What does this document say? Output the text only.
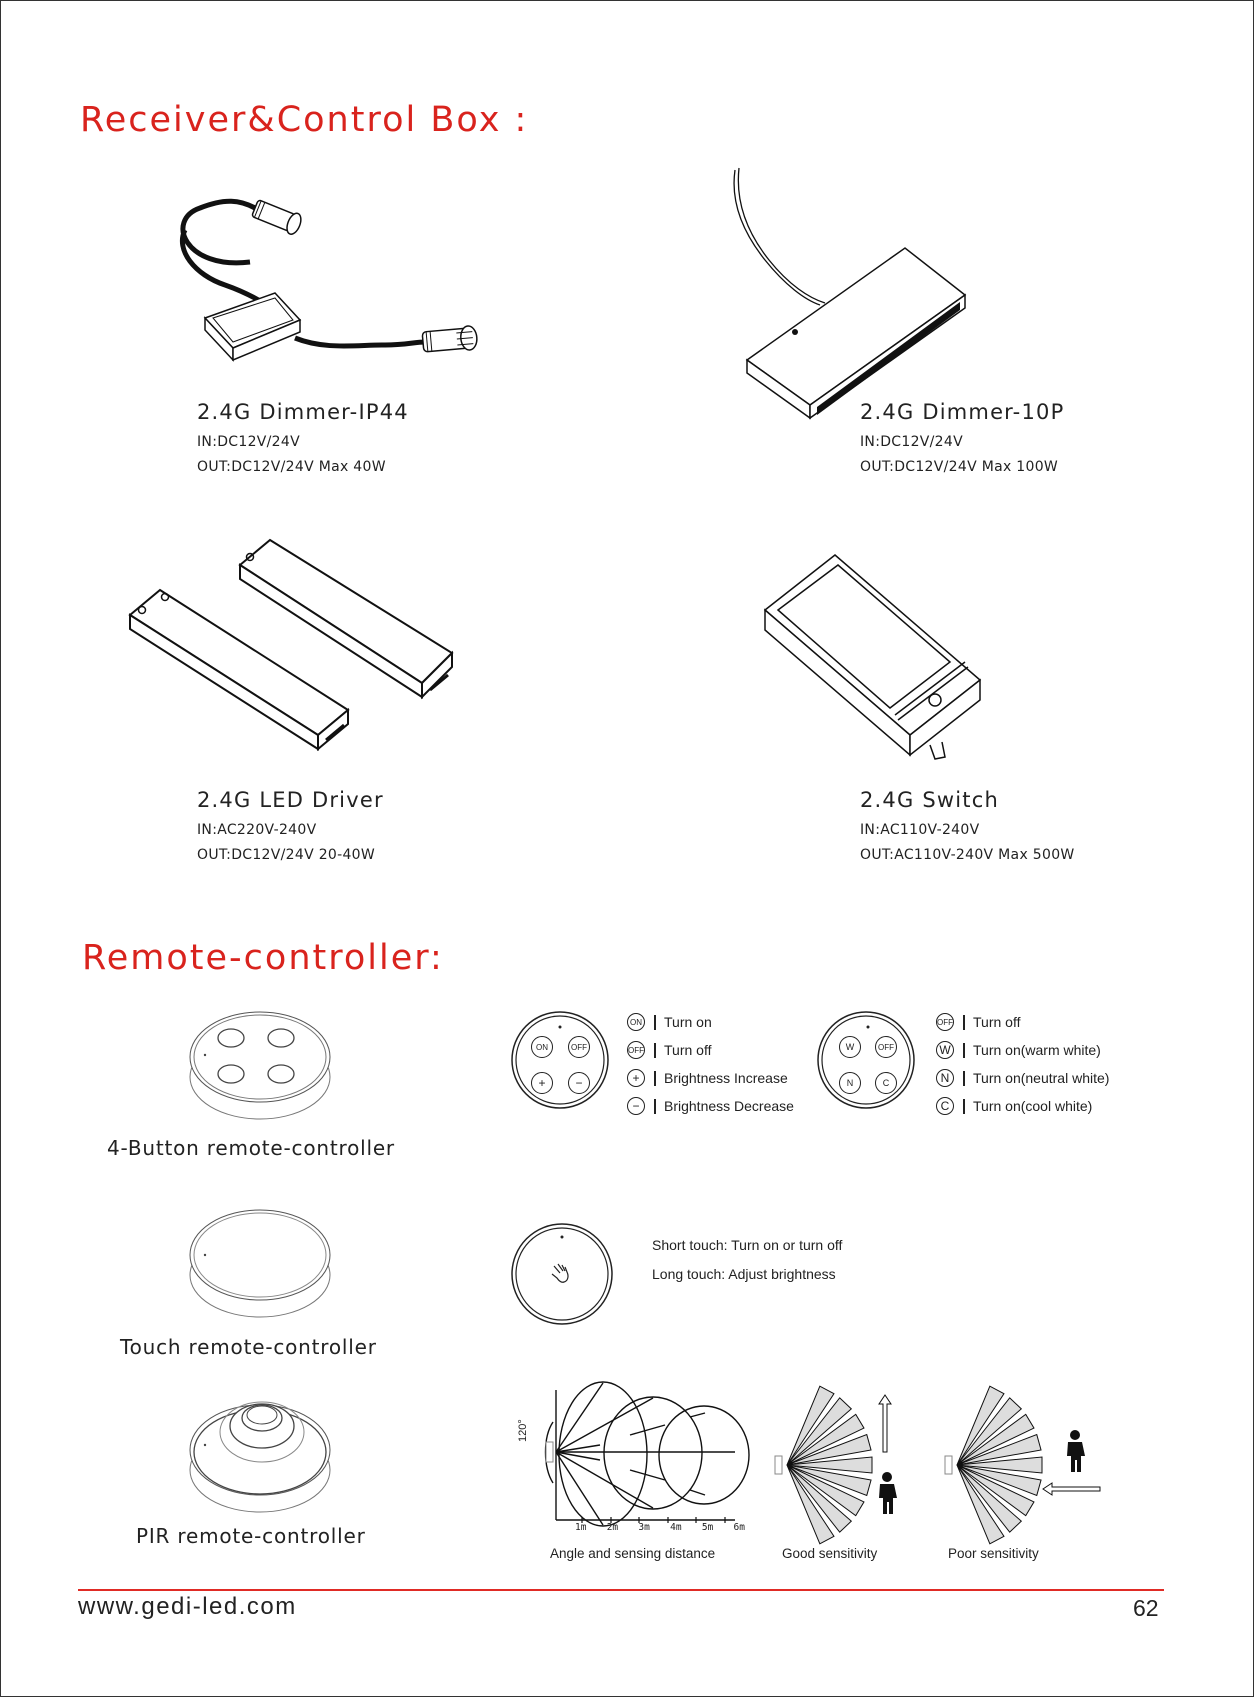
Receiver&Control Box :
2.4G Dimmer-IP44
IN:DC12V/24V
OUT:DC12V/24V Max 40W
2.4G Dimmer-10P
IN:DC12V/24V
OUT:DC12V/24V Max 100W
2.4G LED Driver
IN:AC220V-240V
OUT:DC12V/24V 20-40W
2.4G Switch
IN:AC110V-240V
OUT:AC110V-240V Max 500W
Remote-controller:
4-Button remote-controller
ON	OFF
+	−
ON Turn on
OFF Turn off
+	Brightness Increase
−	Brightness Decrease
W	OFF
N	C
OFF Turn off
W Turn on(warm white)
N	Turn on(neutral white)
C	Turn on(cool white)
Touch remote-controller
Short touch: Turn on or turn off
Long touch: Adjust brightness
PIR remote-controller
120°
1m 2m 3m 4m 5m 6m
Angle and sensing distance	Good sensitivity	Poor sensitivity
www.gedi-led.com	62
